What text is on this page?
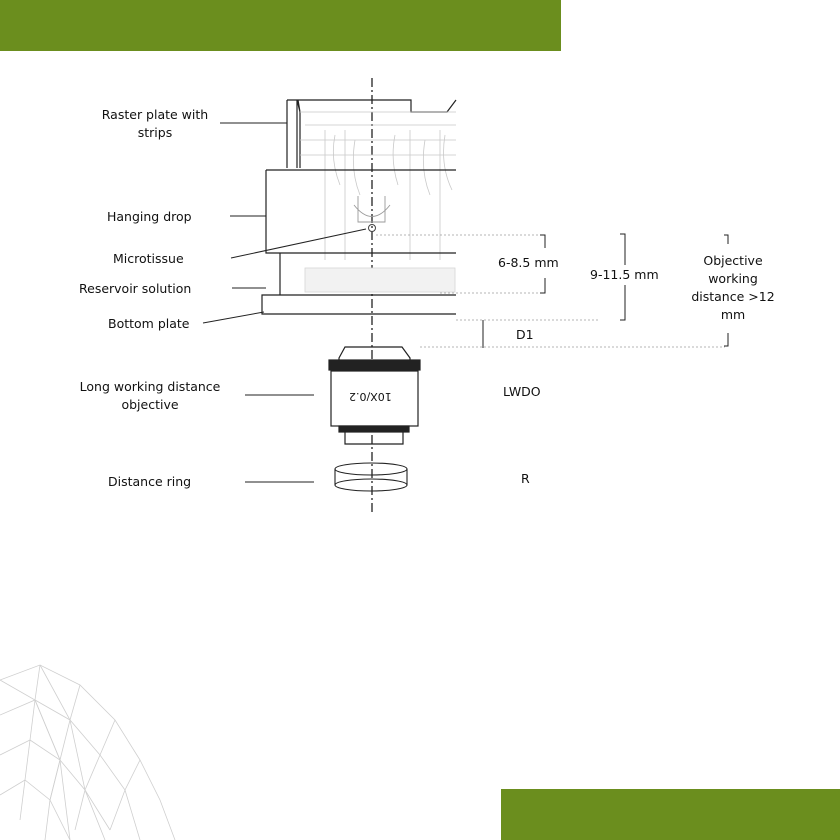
Raster plate with strips
Hanging drop
Microtissue
Reservoir solution
Bottom plate
Long working distance objective
Distance ring
6-8.5 mm
9-11.5 mm
Objective working distance >12 mm
D1
LWDO
R
10X/0.2
